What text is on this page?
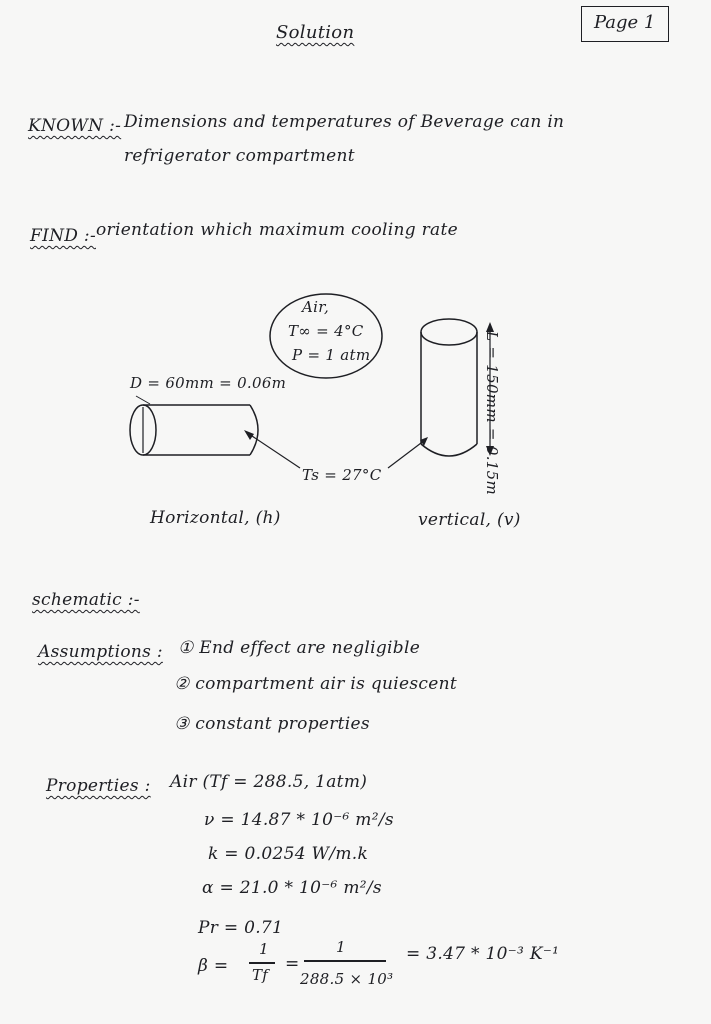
Solution	Page 1
KNOWN :- Dimensions and temperatures of Beverage can in
refrigerator compartment
FIND :- orientation which maximum cooling rate
Air,
T∞ = 4°C
P = 1 atm
D = 60mm = 0.06m	L = 150mm = 0.15m
Ts = 27°C
Horizontal, (h)	vertical, (v)
schematic :-
Assumptions : ① End effect are negligible
② compartment air is quiescent
③ constant properties
Properties : Air (Tf = 288.5, 1atm)
ν = 14.87 * 10⁻⁶ m²/s
k = 0.0254 W/m.k
α = 21.0 * 10⁻⁶ m²/s
Pr = 0.71
β =
1
Tf
=
1
288.5 × 10³
= 3.47 * 10⁻³ K⁻¹
